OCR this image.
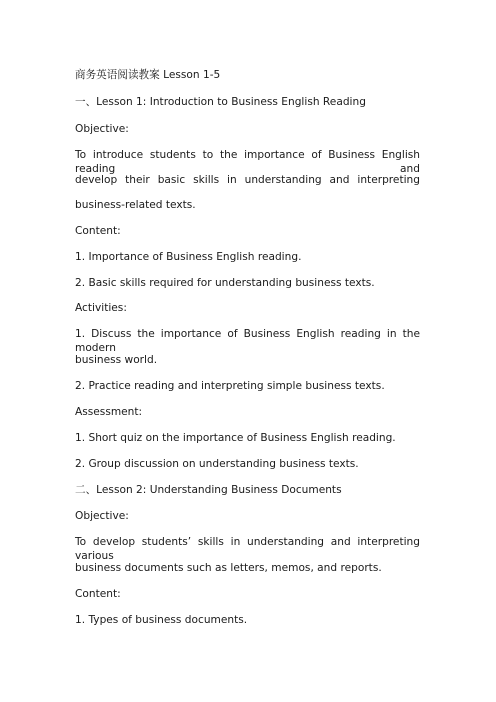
商务英语阅读教案 Lesson 1-5
一、Lesson 1: Introduction to Business English Reading
Objective:
To introduce students to the importance of Business English reading and
develop their basic skills in understanding and interpreting
business-related texts.
Content:
1. Importance of Business English reading.
2. Basic skills required for understanding business texts.
Activities:
1. Discuss the importance of Business English reading in the modern
business world.
2. Practice reading and interpreting simple business texts.
Assessment:
1. Short quiz on the importance of Business English reading.
2. Group discussion on understanding business texts.
二、Lesson 2: Understanding Business Documents
Objective:
To develop students’ skills in understanding and interpreting various
business documents such as letters, memos, and reports.
Content:
1. Types of business documents.
